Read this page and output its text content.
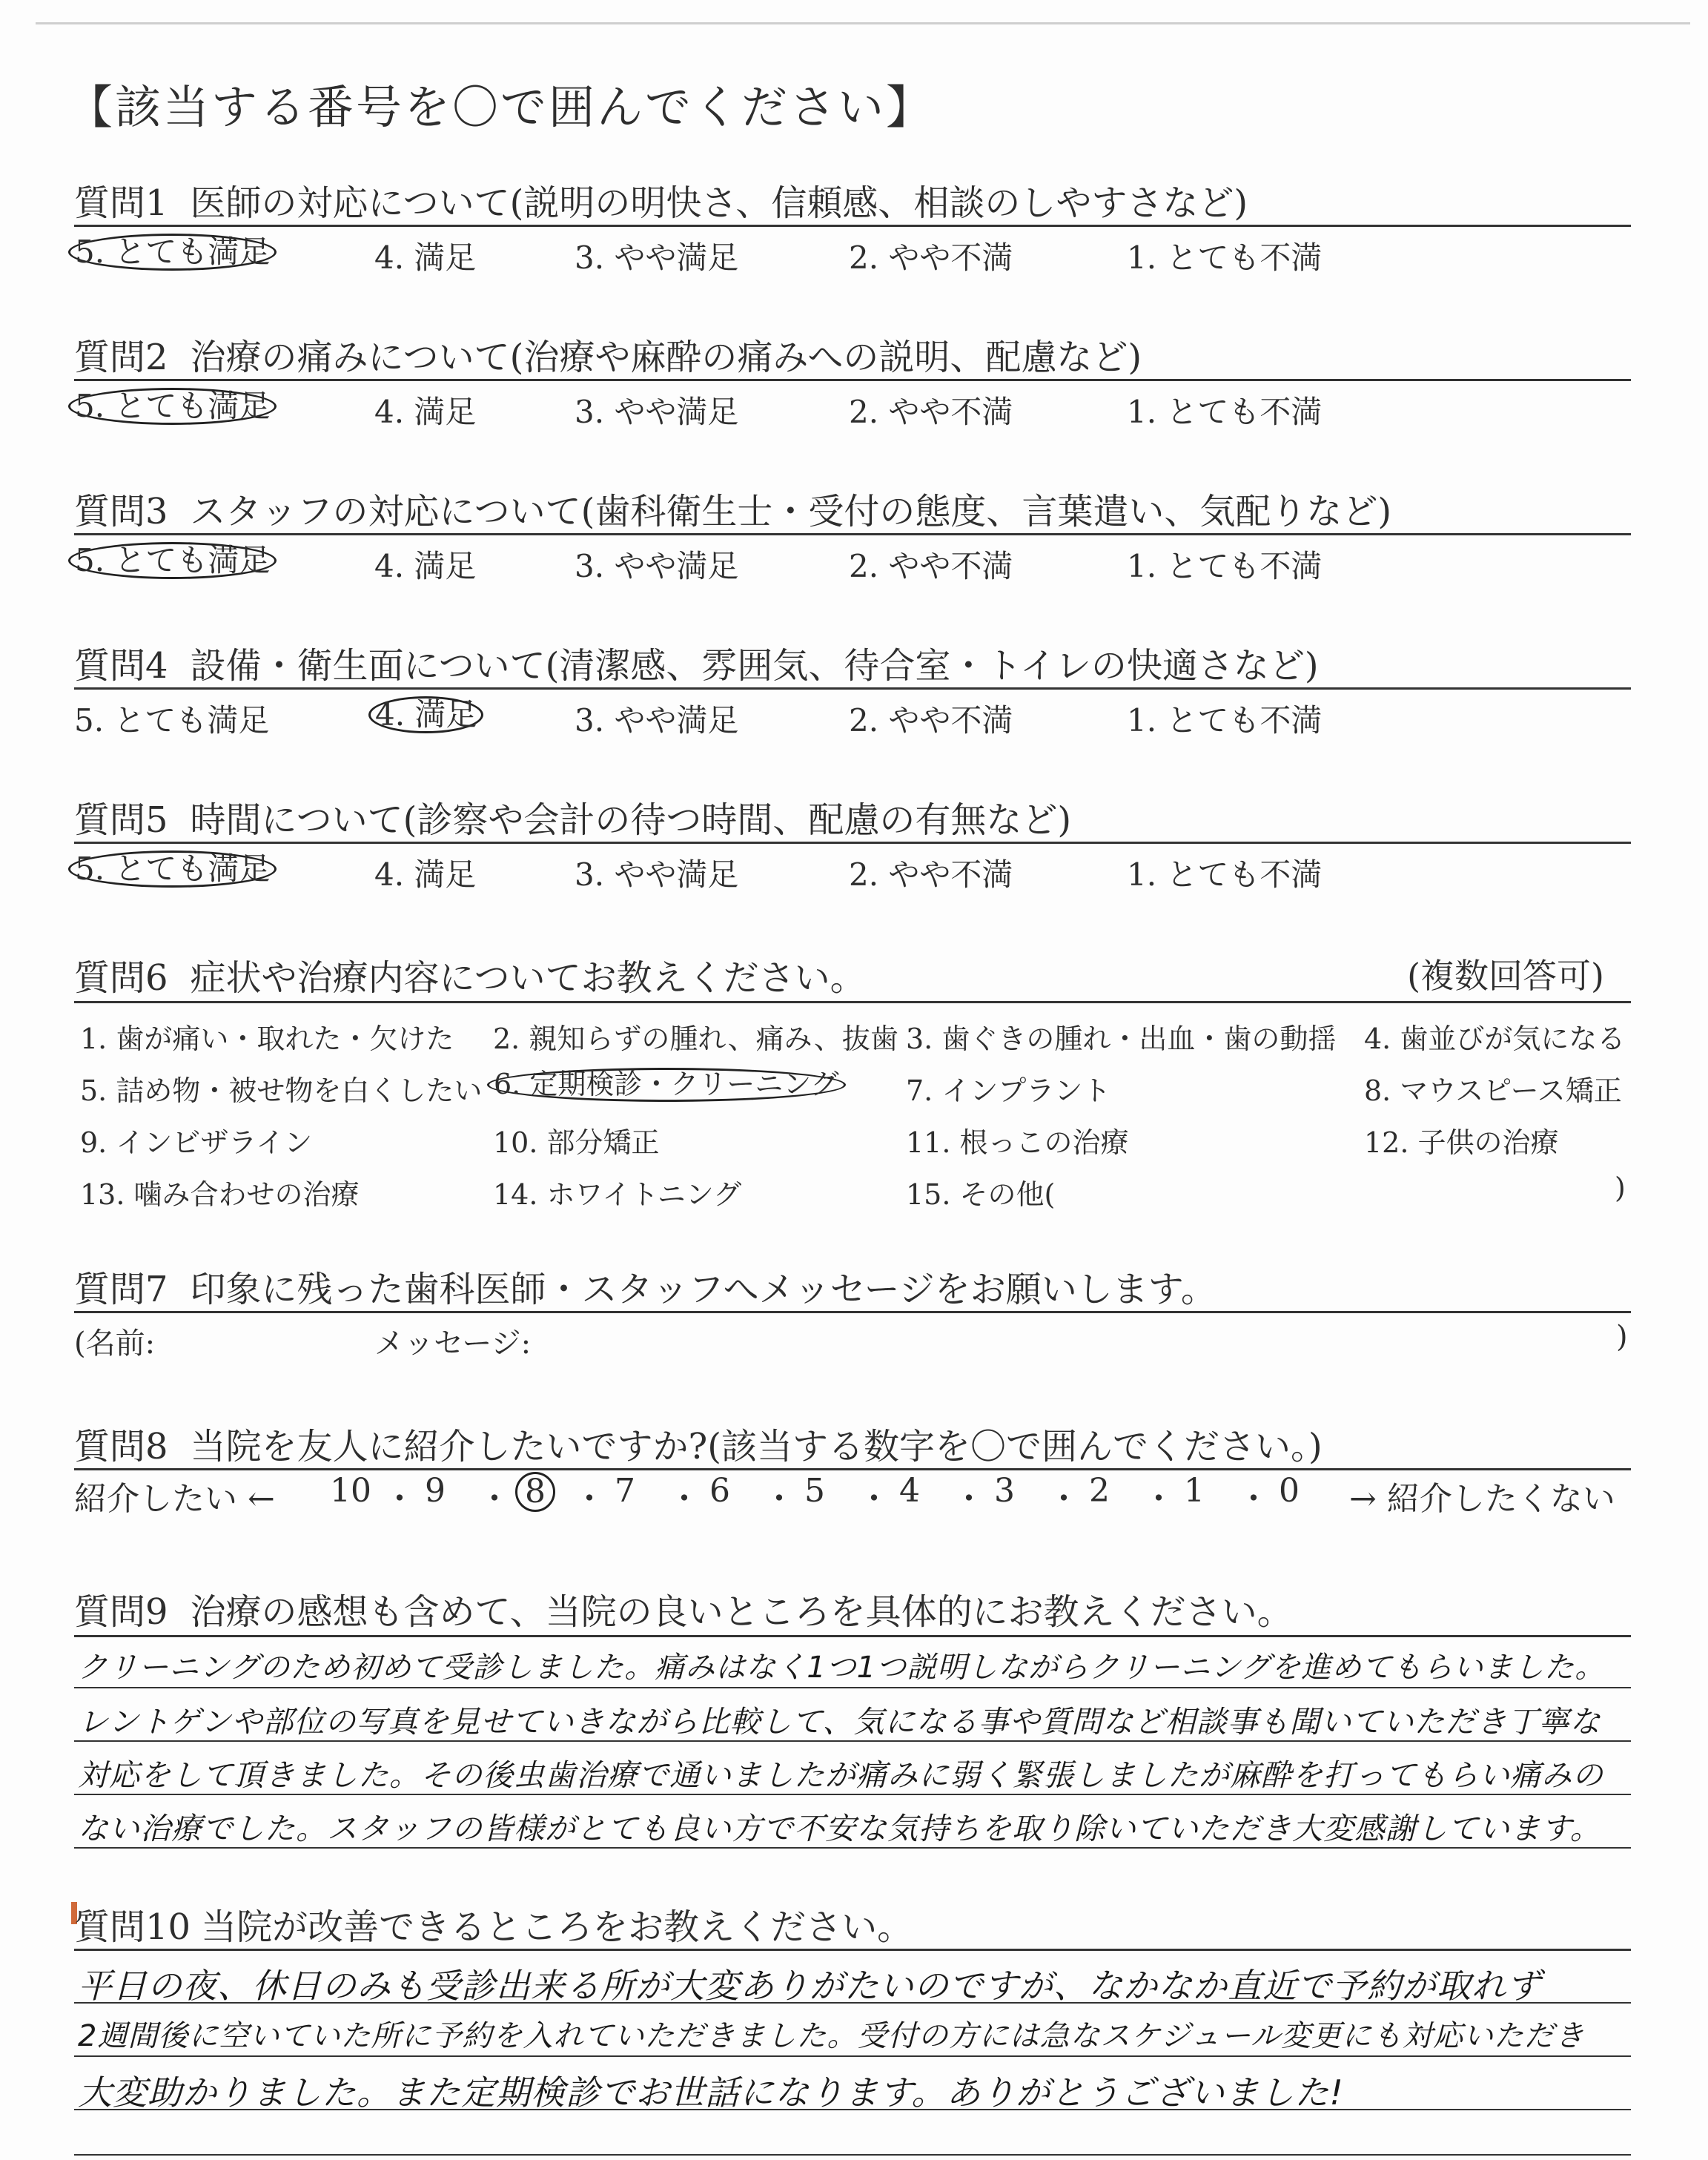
【該当する番号を〇で囲んでください】
質問1 医師の対応について(説明の明快さ、信頼感、相談のしやすさなど)
5. とても満足	4. 満足	3. やや満足	2. やや不満	1. とても不満
質問2 治療の痛みについて(治療や麻酔の痛みへの説明、配慮など)
5. とても満足	4. 満足	3. やや満足	2. やや不満	1. とても不満
質問3 スタッフの対応について(歯科衛生士・受付の態度、言葉遣い、気配りなど)
5. とても満足	4. 満足	3. やや満足	2. やや不満	1. とても不満
質問4 設備・衛生面について(清潔感、雰囲気、待合室・トイレの快適さなど)
5. とても満足	4. 満足	3. やや満足	2. やや不満	1. とても不満
質問5 時間について(診察や会計の待つ時間、配慮の有無など)
5. とても満足	4. 満足	3. やや満足	2. やや不満	1. とても不満
質問6 症状や治療内容についてお教えください。	(複数回答可)
1. 歯が痛い・取れた・欠けた 2. 親知らずの腫れ、痛み、抜歯 3. 歯ぐきの腫れ・出血・歯の動揺 4. 歯並びが気になる
5. 詰め物・被せ物を白くしたい 6. 定期検診・クリーニング 7. インプラント	8. マウスピース矯正
9. インビザライン	10. 部分矯正	11. 根っこの治療	12. 子供の治療
13. 噛み合わせの治療	14. ホワイトニング	15. その他(	)
質問7 印象に残った歯科医師・スタッフへメッセージをお願いします。
(名前:	メッセージ:	)
質問8 当院を友人に紹介したいですか?(該当する数字を〇で囲んでください。)
紹介したい ← 10 ・ 9 ・ 8 ・ 7 ・ 6 ・ 5 ・ 4 ・ 3 ・ 2 ・ 1 ・ 0 → 紹介したくない
質問9 治療の感想も含めて、当院の良いところを具体的にお教えください。
クリーニングのため初めて受診しました。痛みはなく1つ1つ説明しながらクリーニングを進めてもらいました。
レントゲンや部位の写真を見せていきながら比較して、気になる事や質問など相談事も聞いていただき丁寧な
対応をして頂きました。その後虫歯治療で通いましたが痛みに弱く緊張しましたが麻酔を打ってもらい痛みの
ない治療でした。スタッフの皆様がとても良い方で不安な気持ちを取り除いていただき大変感謝しています。
質問10 当院が改善できるところをお教えください。
平日の夜、休日のみも受診出来る所が大変ありがたいのですが、なかなか直近で予約が取れず
2週間後に空いていた所に予約を入れていただきました。受付の方には急なスケジュール変更にも対応いただき
大変助かりました。また定期検診でお世話になります。ありがとうございました!
